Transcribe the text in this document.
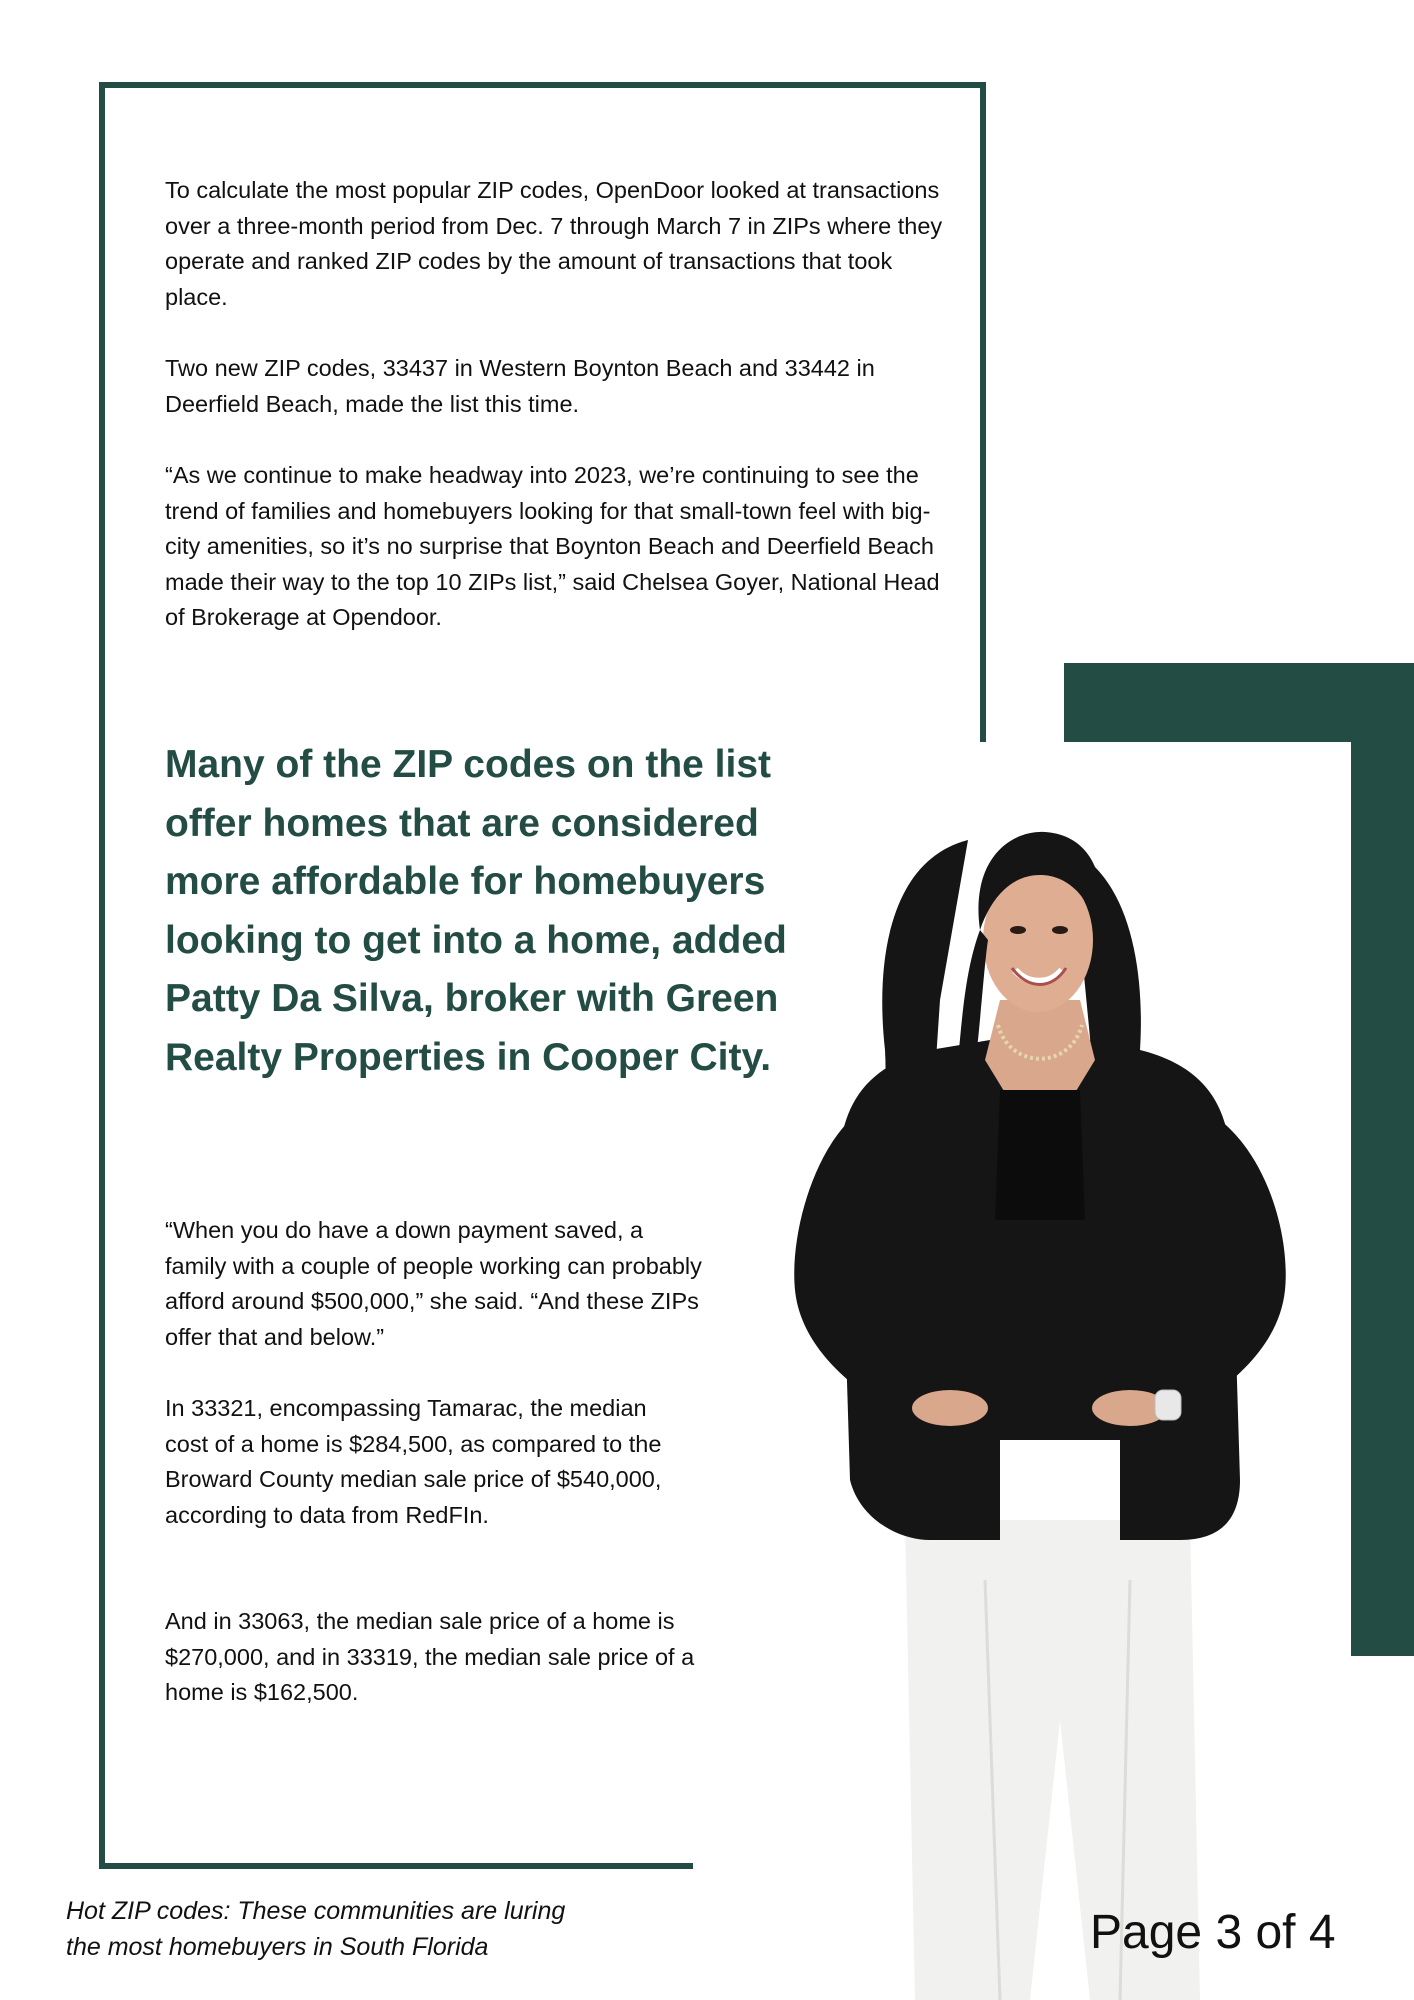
To calculate the most popular ZIP codes, OpenDoor looked at transactions over a three-month period from Dec. 7 through March 7 in ZIPs where they operate and ranked ZIP codes by the amount of transactions that took place.

Two new ZIP codes, 33437 in Western Boynton Beach and 33442 in Deerfield Beach, made the list this time.

“As we continue to make headway into 2023, we’re continuing to see the trend of families and homebuyers looking for that small-town feel with big-city amenities, so it’s no surprise that Boynton Beach and Deerfield Beach made their way to the top 10 ZIPs list,” said Chelsea Goyer, National Head of Brokerage at Opendoor.

Many of the ZIP codes on the list offer homes that are considered more affordable for homebuyers looking to get into a home, added Patty Da Silva, broker with Green Realty Properties in Cooper City.

“When you do have a down payment saved, a family with a couple of people working can probably afford around $500,000,” she said. “And these ZIPs offer that and below.”

In 33321, encompassing Tamarac, the median cost of a home is $284,500, as compared to the Broward County median sale price of $540,000, according to data from RedFIn.

And in 33063, the median sale price of a home is $270,000, and in 33319, the median sale price of a home is $162,500.

Hot ZIP codes: These communities are luring
the most homebuyers in South Florida	Page 3 of 4
